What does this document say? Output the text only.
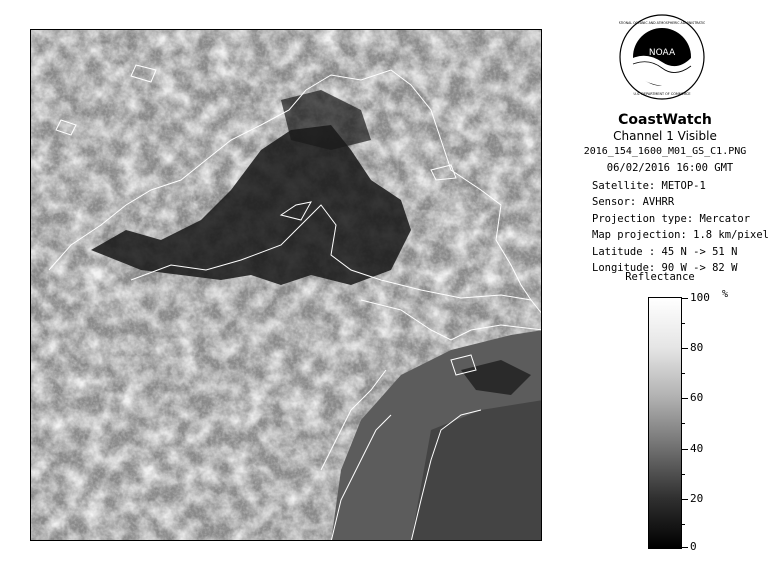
NOAA
NATIONAL OCEANIC AND ATMOSPHERIC ADMINISTRATION
U.S. DEPARTMENT OF COMMERCE
CoastWatch
Channel 1 Visible
2016_154_1600_M01_GS_C1.PNG
06/02/2016 16:00 GMT
Satellite: METOP-1
Sensor: AVHRR
Projection type: Mercator
Map projection: 1.8 km/pixel
Latitude : 45 N -> 51 N
Longitude: 90 W -> 82 W
Reflectance
%
100
80
60
40
20
0
